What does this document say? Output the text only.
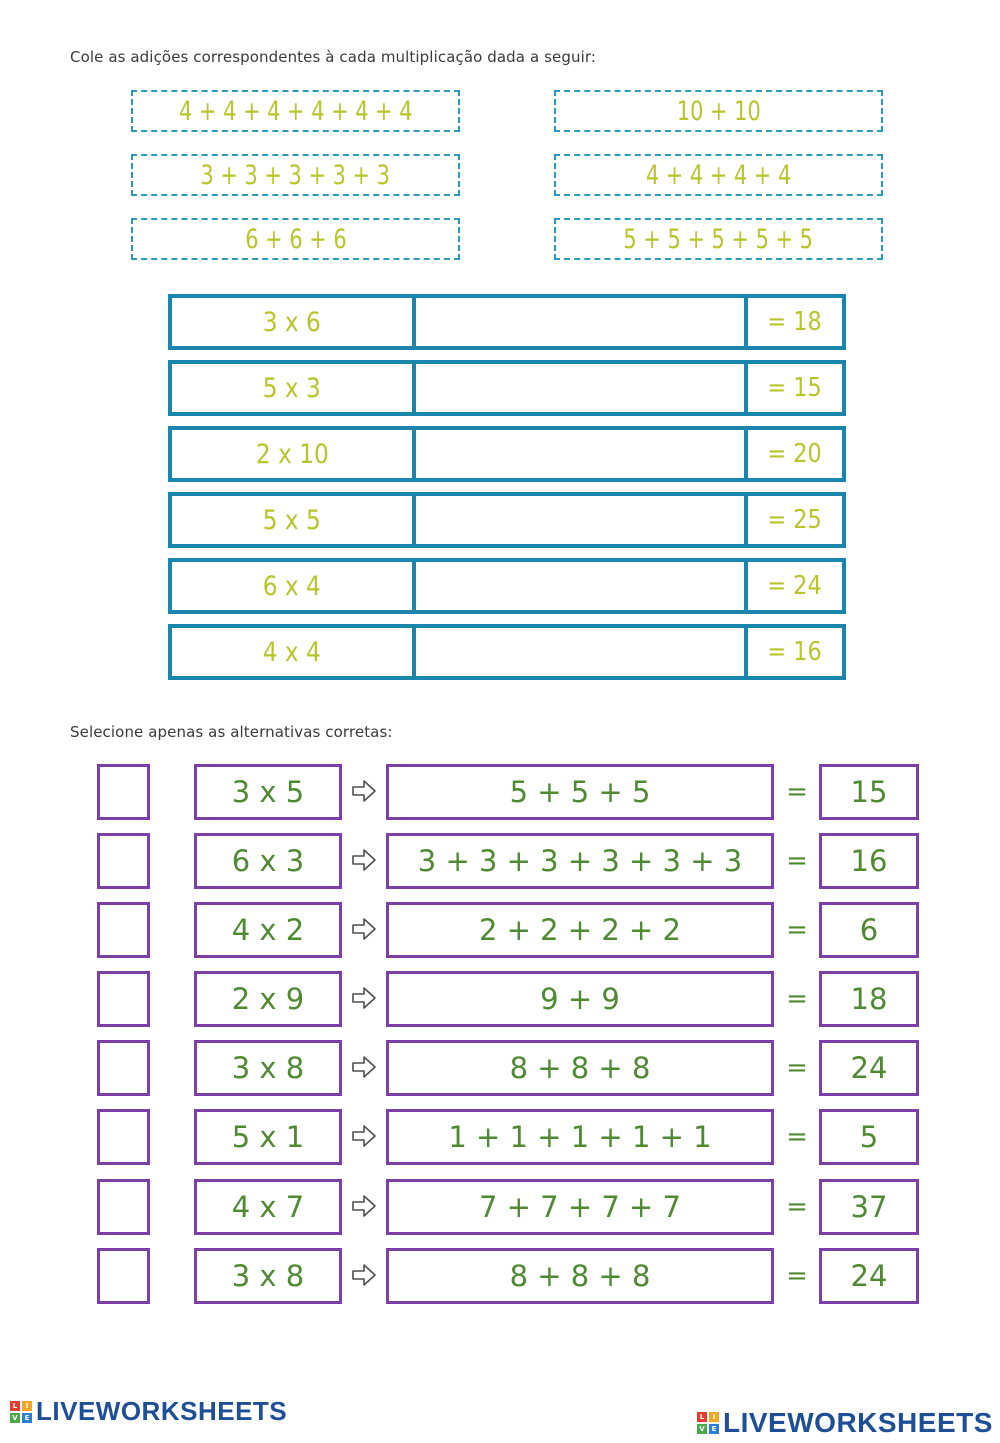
Cole as adições correspondentes à cada multiplicação dada a seguir:
4 + 4 + 4 + 4 + 4 + 4	10 + 10
3 + 3 + 3 + 3 + 3	4 + 4 + 4 + 4
6 + 6 + 6	5 + 5 + 5 + 5 + 5
3 x 6	= 18
5 x 3	= 15
2 x 10	= 20
5 x 5	= 25
6 x 4	= 24
4 x 4	= 16
Selecione apenas as alternativas corretas:
3 x 5	5 + 5 + 5	=	15
6 x 3	3 + 3 + 3 + 3 + 3 + 3	=	16
4 x 2	2 + 2 + 2 + 2	=	6
2 x 9	9 + 9	=	18
3 x 8	8 + 8 + 8	=	24
5 x 1	1 + 1 + 1 + 1 + 1	=	5
4 x 7	7 + 7 + 7 + 7	=	37
3 x 8	8 + 8 + 8	=	24
L	I
V E LIVEWORKSHEETS	L	I
V E LIVEWORKSHEETS
